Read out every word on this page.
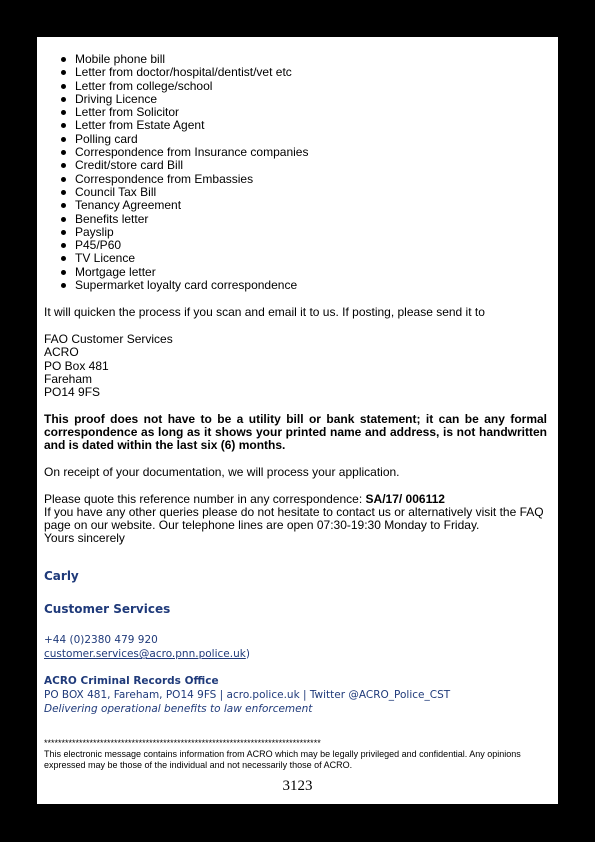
Mobile phone bill
Letter from doctor/hospital/dentist/vet etc
Letter from college/school
Driving Licence
Letter from Solicitor
Letter from Estate Agent
Polling card
Correspondence from Insurance companies
Credit/store card Bill
Correspondence from Embassies
Council Tax Bill
Tenancy Agreement
Benefits letter
Payslip
P45/P60
TV Licence
Mortgage letter
Supermarket loyalty card correspondence

It will quicken the process if you scan and email it to us. If posting, please send it to

FAO Customer Services
ACRO
PO Box 481
Fareham
PO14 9FS

This proof does not have to be a utility bill or bank statement; it can be any formal correspondence as long as it shows your printed name and address, is not handwritten and is dated within the last six (6) months.

On receipt of your documentation, we will process your application.

Please quote this reference number in any correspondence: SA/17/ 006112

If you have any other queries please do not hesitate to contact us or alternatively visit the FAQ page on our website. Our telephone lines are open 07:30-19:30 Monday to Friday.

Yours sincerely

Carly
Customer Services
+44 (0)2380 479 920
customer.services@acro.pnn.police.uk)
ACRO Criminal Records Office
PO BOX 481, Fareham, PO14 9FS | acro.police.uk | Twitter @ACRO_Police_CST
Delivering operational benefits to law enforcement
*******************************************************************************
This electronic message contains information from ACRO which may be legally privileged and confidential. Any opinions expressed may be those of the individual and not necessarily those of ACRO.
3123
